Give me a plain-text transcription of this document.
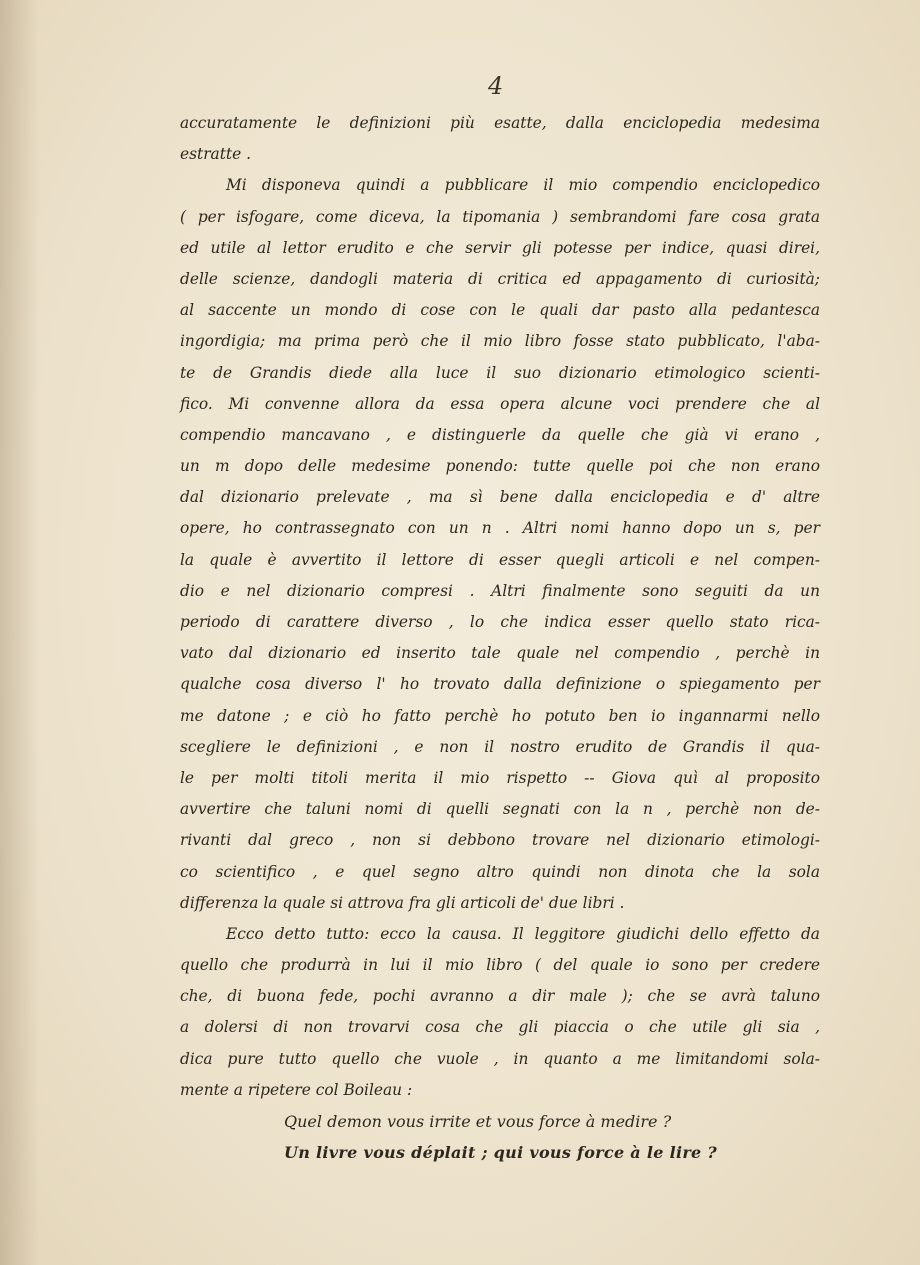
4
accuratamente le definizioni più esatte, dalla enciclopedia medesima
estratte .
Mi disponeva quindi a pubblicare il mio compendio enciclopedico
( per isfogare, come diceva, la tipomania ) sembrandomi fare cosa grata
ed utile al lettor erudito e che servir gli potesse per indice, quasi direi,
delle scienze, dandogli materia di critica ed appagamento di curiosità;
al saccente un mondo di cose con le quali dar pasto alla pedantesca
ingordigia; ma prima però che il mio libro fosse stato pubblicato, l'aba-
te de Grandis diede alla luce il suo dizionario etimologico scienti-
fico. Mi convenne allora da essa opera alcune voci prendere che al
compendio mancavano , e distinguerle da quelle che già vi erano ,
un m dopo delle medesime ponendo: tutte quelle poi che non erano
dal dizionario prelevate , ma sì bene dalla enciclopedia e d' altre
opere, ho contrassegnato con un n . Altri nomi hanno dopo un s, per
la quale è avvertito il lettore di esser quegli articoli e nel compen-
dio e nel dizionario compresi . Altri finalmente sono seguiti da un
periodo di carattere diverso , lo che indica esser quello stato rica-
vato dal dizionario ed inserito tale quale nel compendio , perchè in
qualche cosa diverso l' ho trovato dalla definizione o spiegamento per
me datone ; e ciò ho fatto perchè ho potuto ben io ingannarmi nello
scegliere le definizioni , e non il nostro erudito de Grandis il qua-
le per molti titoli merita il mio rispetto -- Giova quì al proposito
avvertire che taluni nomi di quelli segnati con la n , perchè non de-
rivanti dal greco , non si debbono trovare nel dizionario etimologi-
co scientifico , e quel segno altro quindi non dinota che la sola
differenza la quale si attrova fra gli articoli de' due libri .
Ecco detto tutto: ecco la causa. Il leggitore giudichi dello effetto da
quello che produrrà in lui il mio libro ( del quale io sono per credere
che, di buona fede, pochi avranno a dir male ); che se avrà taluno
a dolersi di non trovarvi cosa che gli piaccia o che utile gli sia ,
dica pure tutto quello che vuole , in quanto a me limitandomi sola-
mente a ripetere col Boileau :
Quel demon vous irrite et vous force à medire ?
Un livre vous déplait ; qui vous force à le lire ?
